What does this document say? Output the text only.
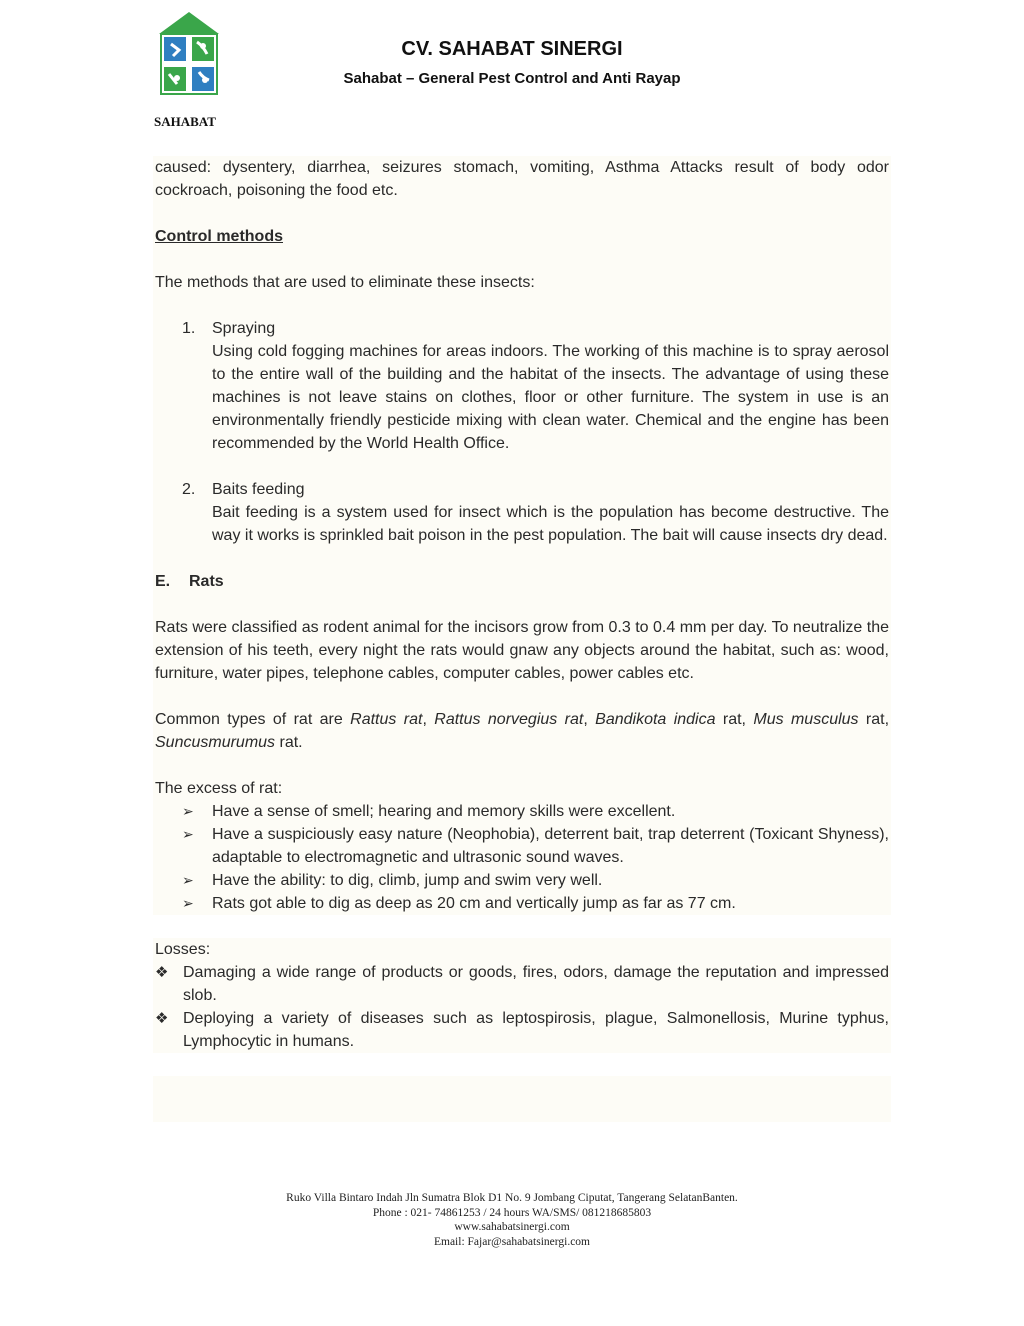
SAHABAT
CV. SAHABAT SINERGI
Sahabat – General Pest Control and Anti Rayap
caused: dysentery, diarrhea, seizures stomach, vomiting, Asthma Attacks result of body odor cockroach, poisoning the food etc.
Control methods
The methods that are used to eliminate these insects:
1.	Spraying
Using cold fogging machines for areas indoors. The working of this machine is to spray aerosol to the entire wall of the building and the habitat of the insects. The advantage of using these machines is not leave stains on clothes, floor or other furniture. The system in use is an environmentally friendly pesticide mixing with clean water. Chemical and the engine has been recommended by the World Health Office.
2.	Baits feeding
Bait feeding is a system used for insect which is the population has become destructive. The way it works is sprinkled bait poison in the pest population. The bait will cause insects dry dead.
E. Rats
Rats were classified as rodent animal for the incisors grow from 0.3 to 0.4 mm per day. To neutralize the extension of his teeth, every night the rats would gnaw any objects around the habitat, such as: wood, furniture, water pipes, telephone cables, computer cables, power cables etc.
Common types of rat are Rattus rat, Rattus norvegius rat, Bandikota indica rat, Mus musculus rat, Suncusmurumus rat.
The excess of rat:
➢	Have a sense of smell; hearing and memory skills were excellent.
➢	Have a suspiciously easy nature (Neophobia), deterrent bait, trap deterrent (Toxicant Shyness), adaptable to electromagnetic and ultrasonic sound waves.
➢	Have the ability: to dig, climb, jump and swim very well.
➢	Rats got able to dig as deep as 20 cm and vertically jump as far as 77 cm.
Losses:
❖ Damaging a wide range of products or goods, fires, odors, damage the reputation and impressed slob.
❖ Deploying a variety of diseases such as leptospirosis, plague, Salmonellosis, Murine typhus, Lymphocytic in humans.
Ruko Villa Bintaro Indah Jln Sumatra Blok D1 No. 9 Jombang Ciputat, Tangerang SelatanBanten.
Phone : 021- 74861253 / 24 hours WA/SMS/ 081218685803
www.sahabatsinergi.com
Email: Fajar@sahabatsinergi.com
